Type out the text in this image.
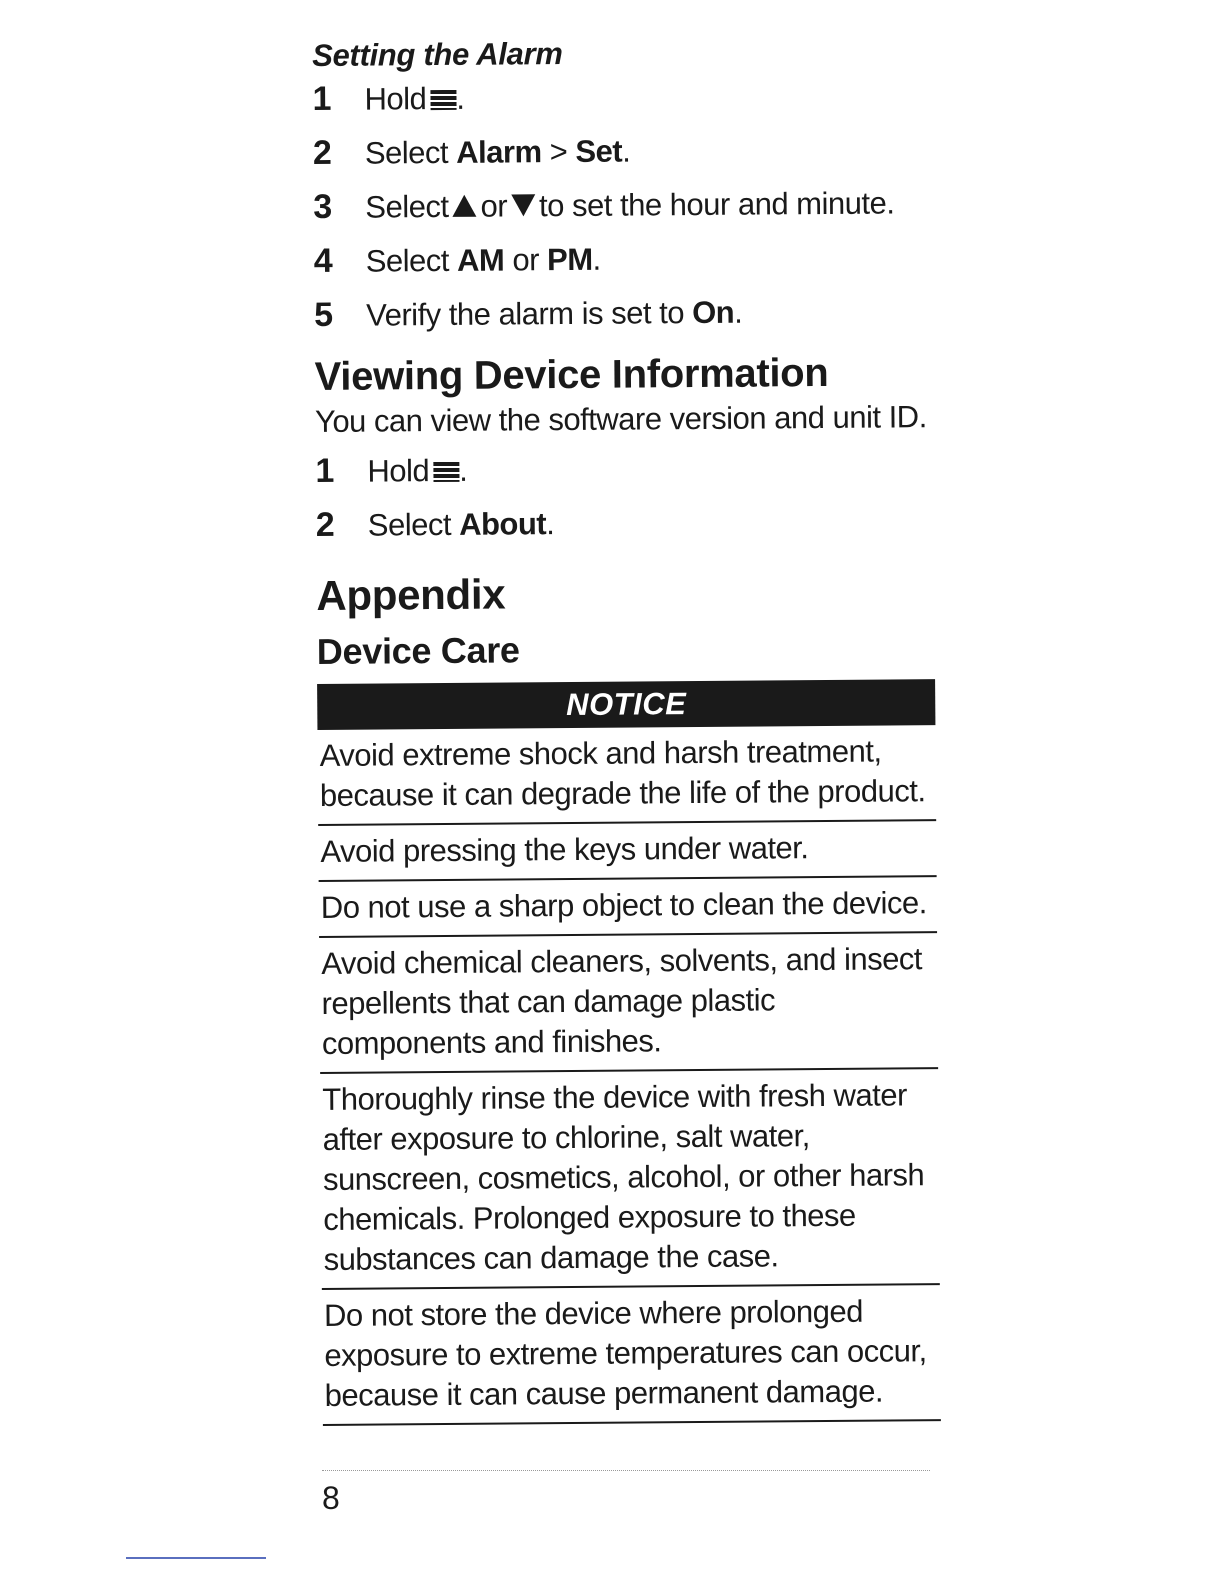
Setting the Alarm
1	Hold .
2	Select Alarm > Set.
3	Select or to set the hour and minute.
4	Select AM or PM.
5	Verify the alarm is set to On.
Viewing Device Information
You can view the software version and unit ID.
1	Hold .
2	Select About.
Appendix
Device Care
NOTICE
Avoid extreme shock and harsh treatment, because it can degrade the life of the product.
Avoid pressing the keys under water.
Do not use a sharp object to clean the device.
Avoid chemical cleaners, solvents, and insect repellents that can damage plastic components and finishes.
Thoroughly rinse the device with fresh water after exposure to chlorine, salt water, sunscreen, cosmetics, alcohol, or other harsh chemicals. Prolonged exposure to these substances can damage the case.
Do not store the device where prolonged exposure to extreme temperatures can occur, because it can cause permanent damage.
8
